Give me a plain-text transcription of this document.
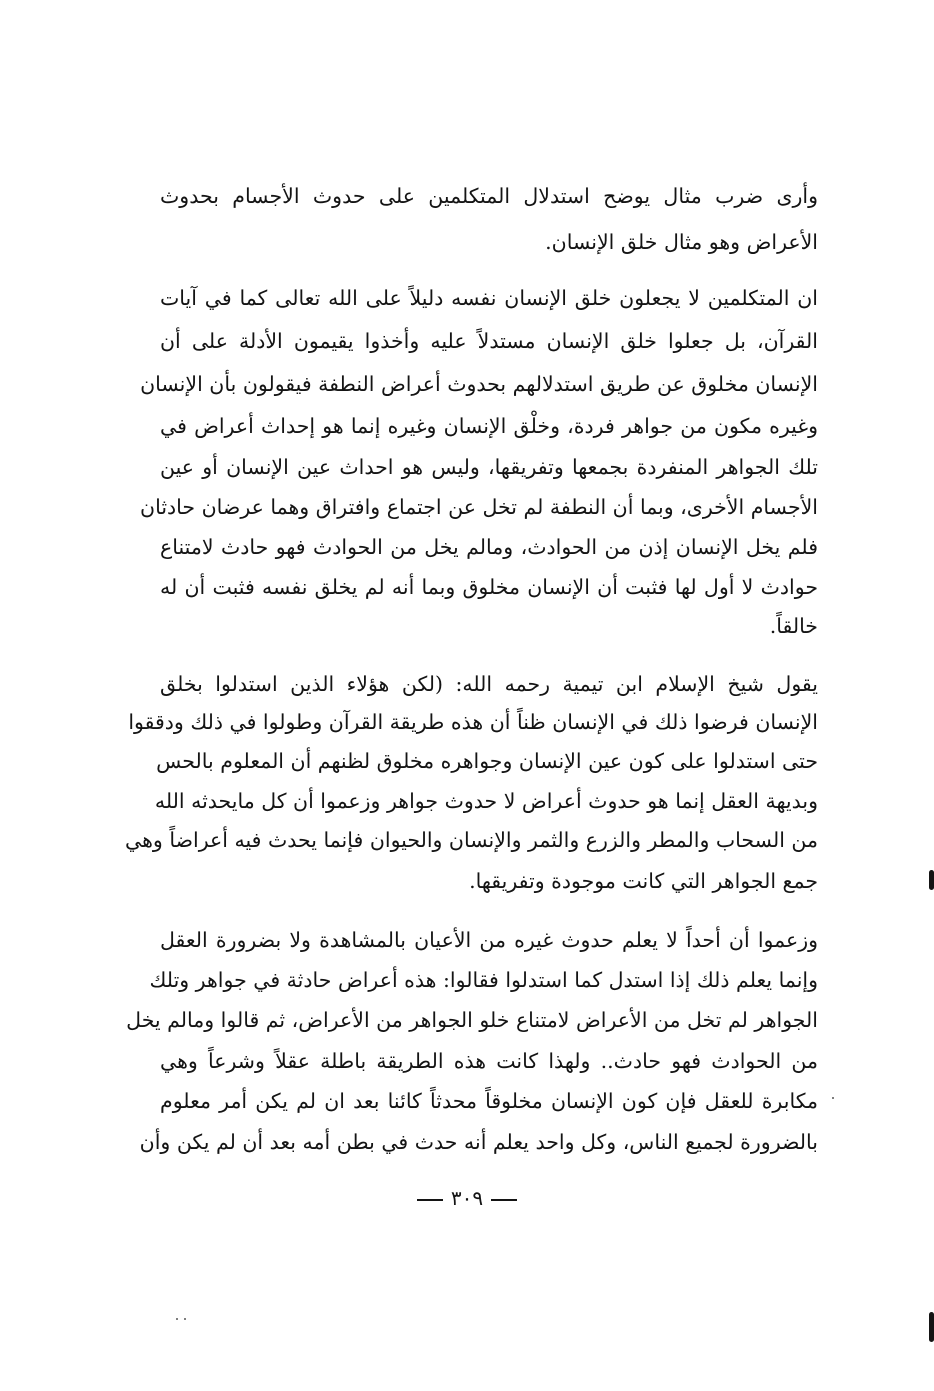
وأرى ضرب مثال يوضح استدلال المتكلمين على حدوث الأجسام بحدوث
الأعراض وهو مثال خلق الإنسان.
ان المتكلمين لا يجعلون خلق الإنسان نفسه دليلاً على الله تعالى كما في آيات
القرآن، بل جعلوا خلق الإنسان مستدلاً عليه وأخذوا يقيمون الأدلة على أن
الإنسان مخلوق عن طريق استدلالهم بحدوث أعراض النطفة فيقولون بأن الإنسان
وغيره مكون من جواهر فردة، وخلْق الإنسان وغيره إنما هو إحداث أعراض في
تلك الجواهر المنفردة بجمعها وتفريقها، وليس هو احداث عين الإنسان أو عين
الأجسام الأخرى، وبما أن النطفة لم تخل عن اجتماع وافتراق وهما عرضان حادثان
فلم يخل الإنسان إذن من الحوادث، ومالم يخل من الحوادث فهو حادث لامتناع
حوادث لا أول لها فثبت أن الإنسان مخلوق وبما أنه لم يخلق نفسه فثبت أن له
خالقاً.
يقول شيخ الإسلام ابن تيمية رحمه الله: (لكن هؤلاء الذين استدلوا بخلق
الإنسان فرضوا ذلك في الإنسان ظناً أن هذه طريقة القرآن وطولوا في ذلك ودققوا
حتى استدلوا على كون عين الإنسان وجواهره مخلوق لظنهم أن المعلوم بالحس
وبديهة العقل إنما هو حدوث أعراض لا حدوث جواهر وزعموا أن كل مايحدثه الله
من السحاب والمطر والزرع والثمر والإنسان والحيوان فإنما يحدث فيه أعراضاً وهي
جمع الجواهر التي كانت موجودة وتفريقها.
وزعموا أن أحداً لا يعلم حدوث غيره من الأعيان بالمشاهدة ولا بضرورة العقل
وإنما يعلم ذلك إذا استدل كما استدلوا فقالوا: هذه أعراض حادثة في جواهر وتلك
الجواهر لم تخل من الأعراض لامتناع خلو الجواهر من الأعراض، ثم قالوا ومالم يخل
من الحوادث فهو حادث.. ولهذا كانت هذه الطريقة باطلة عقلاً وشرعاً وهي
مكابرة للعقل فإن كون الإنسان مخلوقاً محدثاً كائنا بعد ان لم يكن أمر معلوم
بالضرورة لجميع الناس، وكل واحد يعلم أنه حدث في بطن أمه بعد أن لم يكن وأن
٣٠٩
